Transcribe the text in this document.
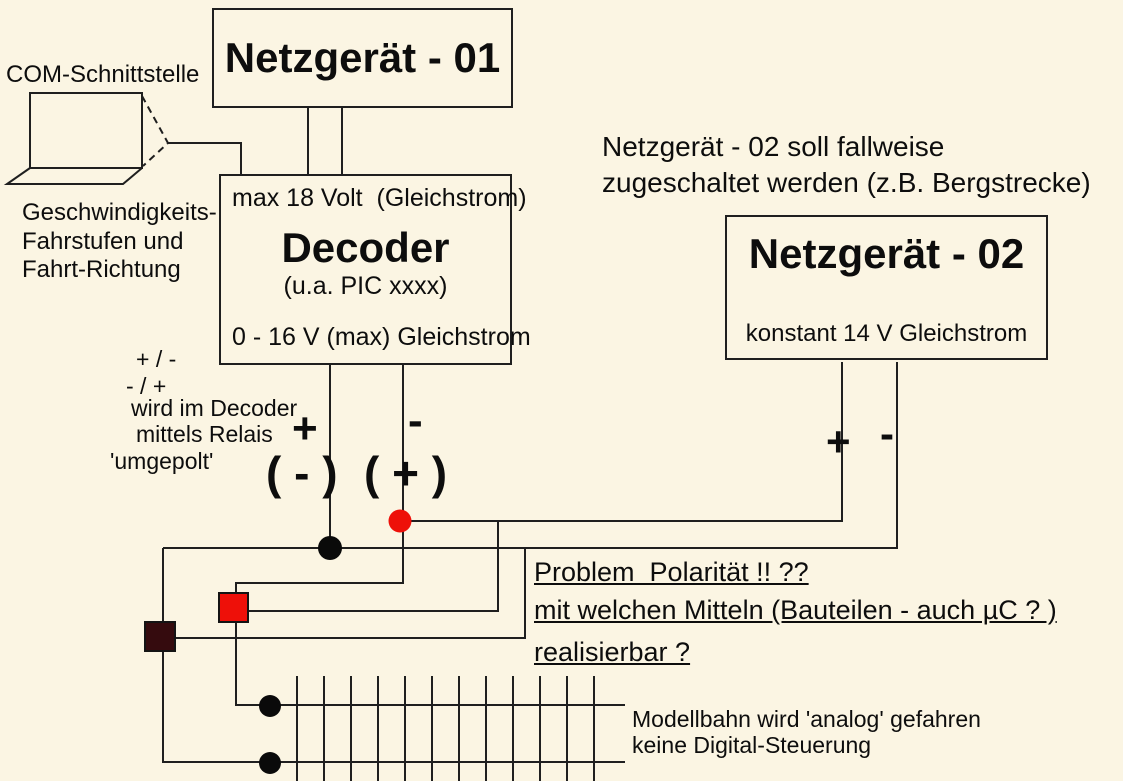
Netzgerät - 01
max 18 Volt  (Gleichstrom)
Decoder
(u.a. PIC xxxx)
0 - 16 V (max) Gleichstrom
Netzgerät - 02
konstant 14 V Gleichstrom
COM-Schnittstelle
Geschwindigkeits-
Fahrstufen und
Fahrt-Richtung
+ / -
- / +
wird im Decoder
mittels Relais
'umgepolt'
+ -
( - ) ( + )
Netzgerät - 02 soll fallweise
zugeschaltet werden (z.B. Bergstrecke)
+ -
Problem  Polarität !! ??
mit welchen Mitteln (Bauteilen - auch µC ? )
realisierbar ?
Modellbahn wird 'analog' gefahren
keine Digital-Steuerung
